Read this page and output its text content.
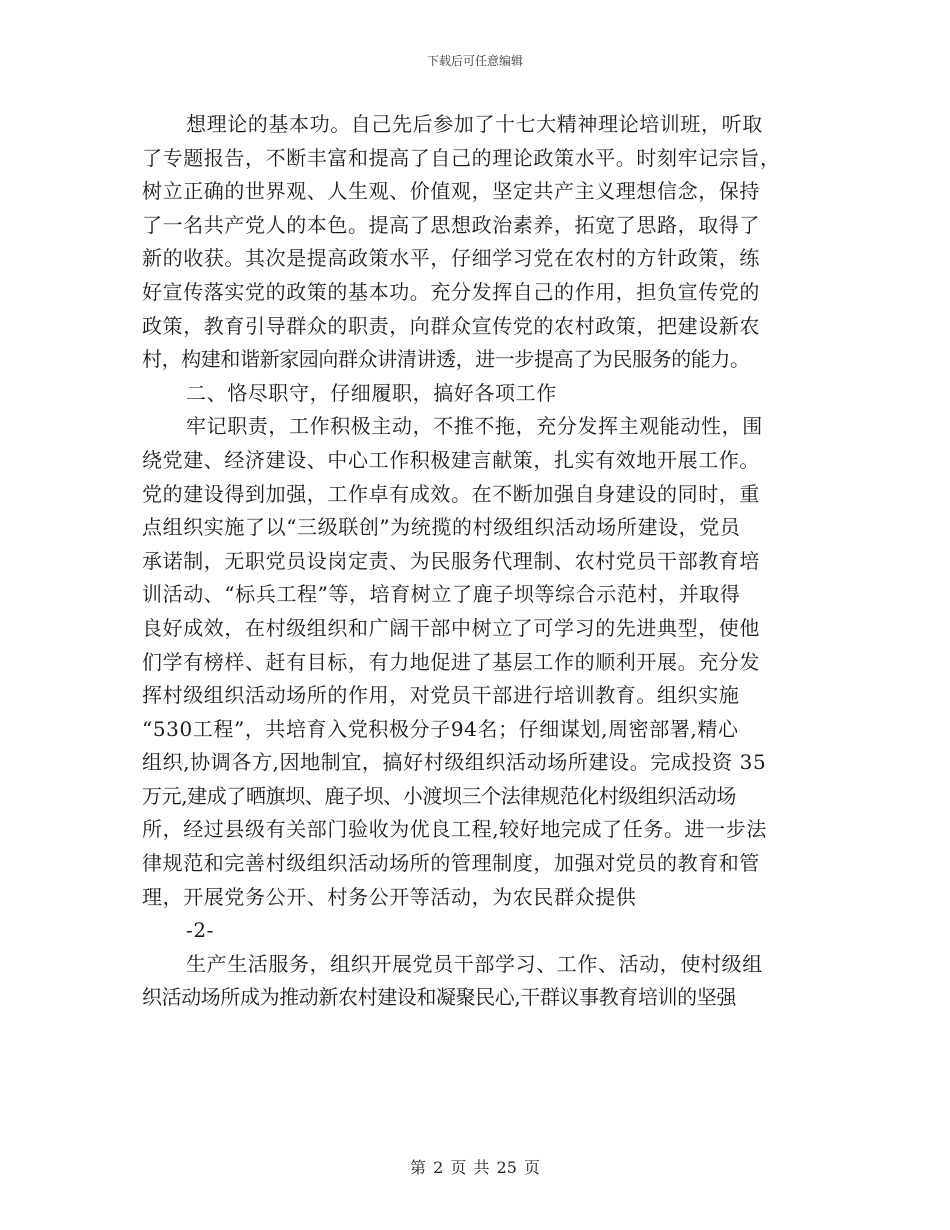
下载后可任意编辑
想理论的基本功。自己先后参加了十七大精神理论培训班，听取
了专题报告，不断丰富和提高了自己的理论政策水平。时刻牢记宗旨，
树立正确的世界观、人生观、价值观，坚定共产主义理想信念，保持
了一名共产党人的本色。提高了思想政治素养，拓宽了思路，取得了
新的收获。其次是提高政策水平，仔细学习党在农村的方针政策，练
好宣传落实党的政策的基本功。充分发挥自己的作用，担负宣传党的
政策，教育引导群众的职责，向群众宣传党的农村政策，把建设新农
村，构建和谐新家园向群众讲清讲透，进一步提高了为民服务的能力。
二、恪尽职守，仔细履职，搞好各项工作
牢记职责，工作积极主动，不推不拖，充分发挥主观能动性，围
绕党建、经济建设、中心工作积极建言献策，扎实有效地开展工作。
党的建设得到加强，工作卓有成效。在不断加强自身建设的同时，重
点组织实施了以“三级联创”为统揽的村级组织活动场所建设，党员
承诺制，无职党员设岗定责、为民服务代理制、农村党员干部教育培
训活动、“标兵工程”等，培育树立了鹿子坝等综合示范村，并取得
良好成效，在村级组织和广阔干部中树立了可学习的先进典型，使他
们学有榜样、赶有目标，有力地促进了基层工作的顺利开展。充分发
挥村级组织活动场所的作用，对党员干部进行培训教育。组织实施
“530工程”，共培育入党积极分子94名；仔细谋划,周密部署,精心
组织,协调各方,因地制宜，搞好村级组织活动场所建设。完成投资 35
万元,建成了晒旗坝、鹿子坝、小渡坝三个法律规范化村级组织活动场
所，经过县级有关部门验收为优良工程,较好地完成了任务。进一步法
律规范和完善村级组织活动场所的管理制度，加强对党员的教育和管
理，开展党务公开、村务公开等活动，为农民群众提供
-2-
生产生活服务，组织开展党员干部学习、工作、活动，使村级组
织活动场所成为推动新农村建设和凝聚民心,干群议事教育培训的坚强
第 2 页 共 25 页
